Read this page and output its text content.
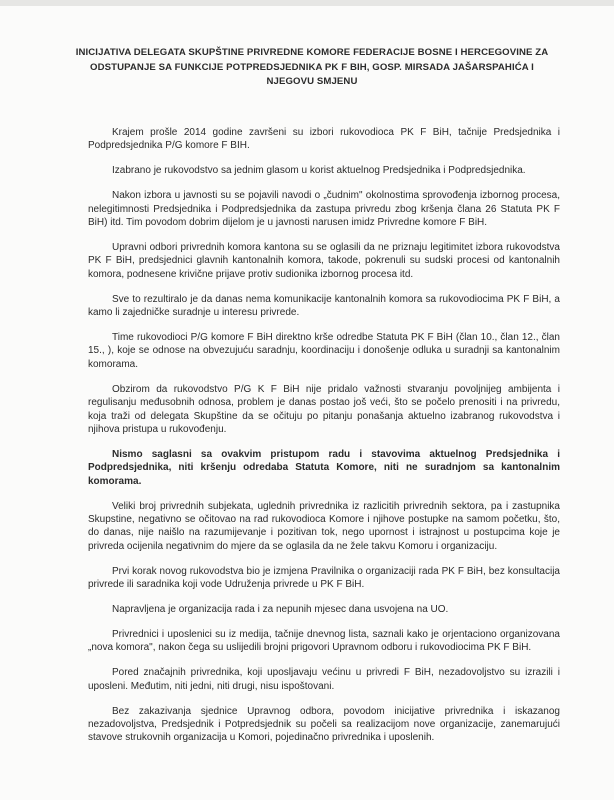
INICIJATIVA DELEGATA SKUPŠTINE PRIVREDNE KOMORE FEDERACIJE BOSNE I HERCEGOVINE ZA
ODSTUPANJE SA FUNKCIJE POTPREDSJEDNIKA PK F BIH, GOSP. MIRSADA JAŠARSPAHIĆA I
NJEGOVU SMJENU

Krajem prošle 2014 godine završeni su izbori rukovodioca PK F BiH, tačnije Predsjednika i Podpredsjednika P/G komore F BIH.

Izabrano je rukovodstvo sa jednim glasom u korist aktuelnog Predsjednika i Podpredsjednika.

Nakon izbora u javnosti su se pojavili navodi o „čudnim" okolnostima sprovođenja izbornog procesa, nelegitimnosti Predsjednika i Podpredsjednika da zastupa privredu zbog kršenja člana 26 Statuta PK F BiH) itd. Tim povodom dobrim dijelom je u javnosti narusen imidz Privredne komore F BiH.

Upravni odbori privrednih komora kantona su se oglasili da ne priznaju legitimitet izbora rukovodstva PK F BiH, predsjednici glavnih kantonalnih komora, takode, pokrenuli su sudski procesi od kantonalnih komora, podnesene krivične prijave protiv sudionika izbornog procesa itd.

Sve to rezultiralo je da danas nema komunikacije kantonalnih komora sa rukovodiocima PK F BiH, a kamo li zajedničke suradnje u interesu privrede.

Time rukovodioci P/G komore F BiH direktno krše odredbe Statuta PK F BiH (član 10., član 12., član 15., ), koje se odnose na obvezujuću saradnju, koordinaciju i donošenje odluka u suradnji sa kantonalnim komorama.

Obzirom da rukovodstvo P/G K F BiH nije pridalo važnosti stvaranju povoljnijeg ambijenta i regulisanju međusobnih odnosa, problem je danas postao još veći, što se počelo prenositi i na privredu, koja traži od delegata Skupštine da se očituju po pitanju ponašanja aktuelno izabranog rukovodstva i njihova pristupa u rukovođenju.

Nismo saglasni sa ovakvim pristupom radu i stavovima aktuelnog Predsjednika i Podpredsjednika, niti kršenju odredaba Statuta Komore, niti ne suradnjom sa kantonalnim komorama.

Veliki broj privrednih subjekata, uglednih privrednika iz razlicitih privrednih sektora, pa i zastupnika Skupstine, negativno se očitovao na rad rukovodioca Komore i njihove postupke na samom početku, što, do danas, nije naišlo na razumijevanje i pozitivan tok, nego upornost i istrajnost u postupcima koje je privreda ocijenila negativnim do mjere da se oglasila da ne žele takvu Komoru i organizaciju.

Prvi korak novog rukovodstva bio je izmjena Pravilnika o organizaciji rada PK F BiH, bez konsultacija privrede ili saradnika koji vode Udruženja privrede u PK F BiH.

Napravljena je organizacija rada i za nepunih mjesec dana usvojena na UO.

Privrednici i uposlenici su iz medija, tačnije dnevnog lista, saznali kako je orjentaciono organizovana „nova komora", nakon čega su uslijedili brojni prigovori Upravnom odboru i rukovodiocima PK F BiH.

Pored značajnih privrednika, koji uposljavaju većinu u privredi F BiH, nezadovoljstvo su izrazili i uposleni. Međutim, niti jedni, niti drugi, nisu ispoštovani.

Bez zakazivanja sjednice Upravnog odbora, povodom inicijative privrednika i iskazanog nezadovoljstva, Predsjednik i Potpredsjednik su počeli sa realizacijom nove organizacije, zanemarujući stavove strukovnih organizacija u Komori, pojedinačno privrednika i uposlenih.
